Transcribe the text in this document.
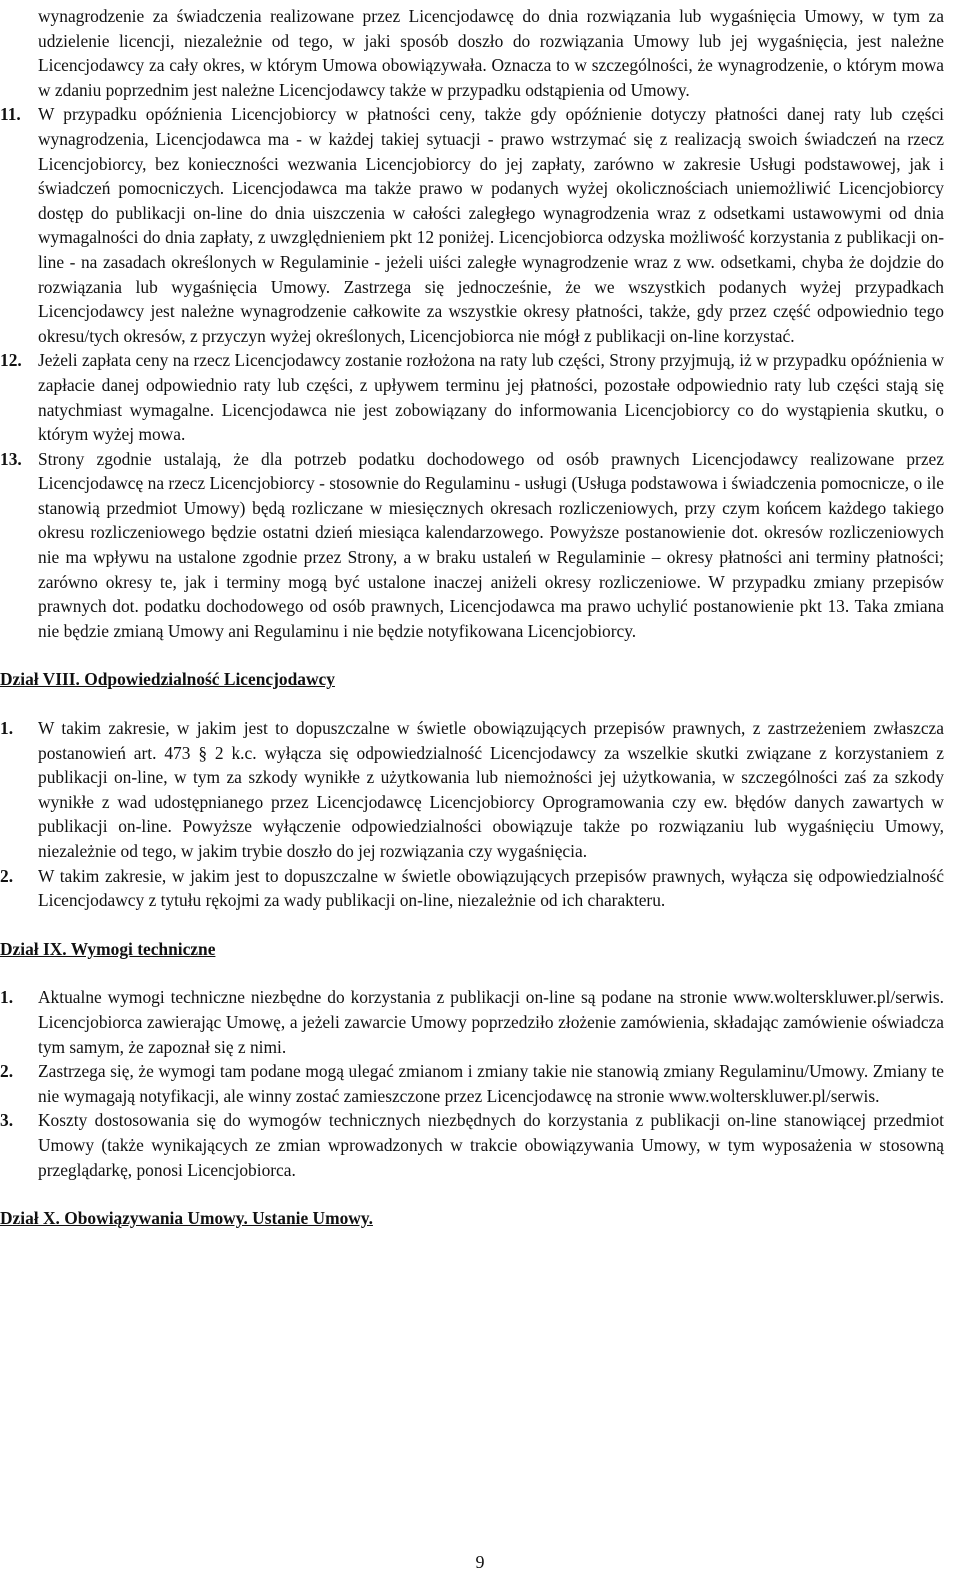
wynagrodzenie za świadczenia realizowane przez Licencjodawcę do dnia rozwiązania lub wygaśnięcia Umowy, w tym za udzielenie licencji, niezależnie od tego, w jaki sposób doszło do rozwiązania Umowy lub jej wygaśnięcia, jest należne Licencjodawcy za cały okres, w którym Umowa obowiązywała. Oznacza to w szczególności, że wynagrodzenie, o którym mowa w zdaniu poprzednim jest należne Licencjodawcy także w przypadku odstąpienia od Umowy.

11. W przypadku opóźnienia Licencjobiorcy w płatności ceny, także gdy opóźnienie dotyczy płatności danej raty lub części wynagrodzenia, Licencjodawca ma - w każdej takiej sytuacji - prawo wstrzymać się z realizacją swoich świadczeń na rzecz Licencjobiorcy, bez konieczności wezwania Licencjobiorcy do jej zapłaty, zarówno w zakresie Usługi podstawowej, jak i świadczeń pomocniczych. Licencjodawca ma także prawo w podanych wyżej okolicznościach uniemożliwić Licencjobiorcy dostęp do publikacji on-line do dnia uiszczenia w całości zaległego wynagrodzenia wraz z odsetkami ustawowymi od dnia wymagalności do dnia zapłaty, z uwzględnieniem pkt 12 poniżej. Licencjobiorca odzyska możliwość korzystania z publikacji on-line - na zasadach określonych w Regulaminie - jeżeli uiści zaległe wynagrodzenie wraz z ww. odsetkami, chyba że dojdzie do rozwiązania lub wygaśnięcia Umowy. Zastrzega się jednocześnie, że we wszystkich podanych wyżej przypadkach Licencjodawcy jest należne wynagrodzenie całkowite za wszystkie okresy płatności, także, gdy przez część odpowiednio tego okresu/tych okresów, z przyczyn wyżej określonych, Licencjobiorca nie mógł z publikacji on-line korzystać.
12. Jeżeli zapłata ceny na rzecz Licencjodawcy zostanie rozłożona na raty lub części, Strony przyjmują, iż w przypadku opóźnienia w zapłacie danej odpowiednio raty lub części, z upływem terminu jej płatności, pozostałe odpowiednio raty lub części stają się natychmiast wymagalne. Licencjodawca nie jest zobowiązany do informowania Licencjobiorcy co do wystąpienia skutku, o którym wyżej mowa.
13. Strony zgodnie ustalają, że dla potrzeb podatku dochodowego od osób prawnych Licencjodawcy realizowane przez Licencjodawcę na rzecz Licencjobiorcy - stosownie do Regulaminu - usługi (Usługa podstawowa i świadczenia pomocnicze, o ile stanowią przedmiot Umowy) będą rozliczane w miesięcznych okresach rozliczeniowych, przy czym końcem każdego takiego okresu rozliczeniowego będzie ostatni dzień miesiąca kalendarzowego. Powyższe postanowienie dot. okresów rozliczeniowych nie ma wpływu na ustalone zgodnie przez Strony, a w braku ustaleń w Regulaminie – okresy płatności ani terminy płatności; zarówno okresy te, jak i terminy mogą być ustalone inaczej aniżeli okresy rozliczeniowe. W przypadku zmiany przepisów prawnych dot. podatku dochodowego od osób prawnych, Licencjodawca ma prawo uchylić postanowienie pkt 13. Taka zmiana nie będzie zmianą Umowy ani Regulaminu i nie będzie notyfikowana Licencjobiorcy.

Dział VIII. Odpowiedzialność Licencjodawcy

1.	W takim zakresie, w jakim jest to dopuszczalne w świetle obowiązujących przepisów prawnych, z zastrzeżeniem zwłaszcza postanowień art. 473 § 2 k.c. wyłącza się odpowiedzialność Licencjodawcy za wszelkie skutki związane z korzystaniem z publikacji on-line, w tym za szkody wynikłe z użytkowania lub niemożności jej użytkowania, w szczególności zaś za szkody wynikłe z wad udostępnianego przez Licencjodawcę Licencjobiorcy Oprogramowania czy ew. błędów danych zawartych w publikacji on-line. Powyższe wyłączenie odpowiedzialności obowiązuje także po rozwiązaniu lub wygaśnięciu Umowy, niezależnie od tego, w jakim trybie doszło do jej rozwiązania czy wygaśnięcia.
2.	W takim zakresie, w jakim jest to dopuszczalne w świetle obowiązujących przepisów prawnych, wyłącza się odpowiedzialność Licencjodawcy z tytułu rękojmi za wady publikacji on-line, niezależnie od ich charakteru.

Dział IX. Wymogi techniczne

1.	Aktualne wymogi techniczne niezbędne do korzystania z publikacji on-line są podane na stronie www.wolterskluwer.pl/serwis. Licencjobiorca zawierając Umowę, a jeżeli zawarcie Umowy poprzedziło złożenie zamówienia, składając zamówienie oświadcza tym samym, że zapoznał się z nimi.
2.	Zastrzega się, że wymogi tam podane mogą ulegać zmianom i zmiany takie nie stanowią zmiany Regulaminu/Umowy. Zmiany te nie wymagają notyfikacji, ale winny zostać zamieszczone przez Licencjodawcę na stronie www.wolterskluwer.pl/serwis.
3.	Koszty dostosowania się do wymogów technicznych niezbędnych do korzystania z publikacji on-line stanowiącej przedmiot Umowy (także wynikających ze zmian wprowadzonych w trakcie obowiązywania Umowy, w tym wyposażenia w stosowną przeglądarkę, ponosi Licencjobiorca.

Dział X. Obowiązywania Umowy. Ustanie Umowy.

9
